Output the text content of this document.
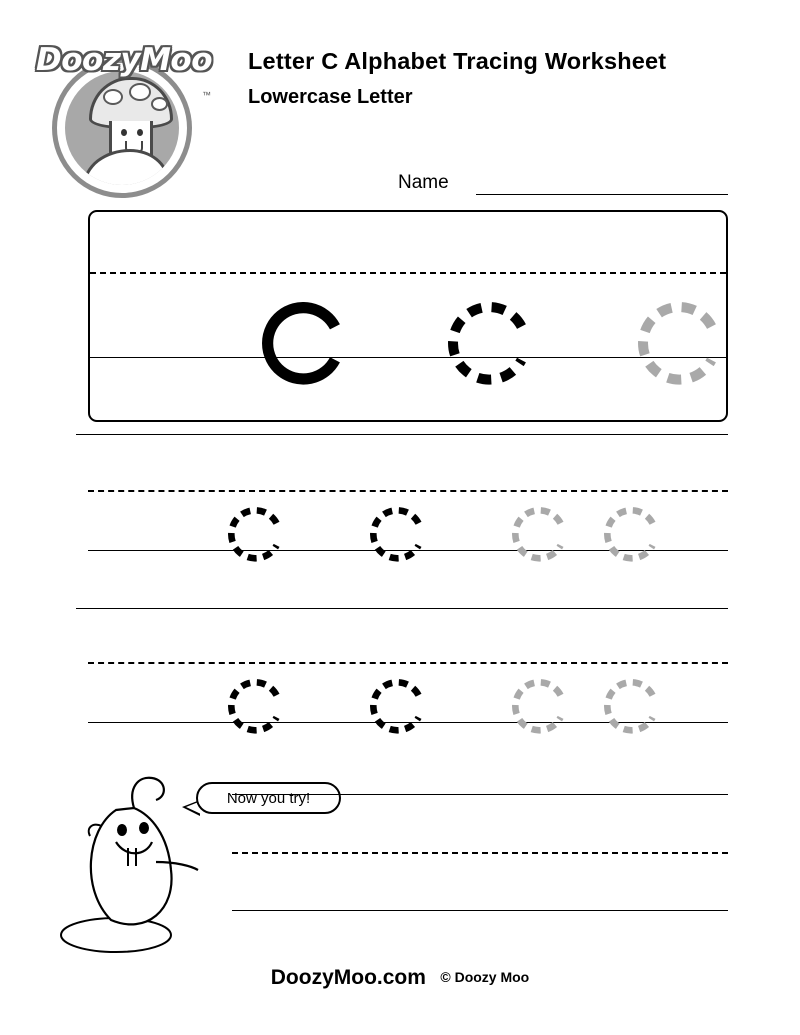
DoozyMoo
™
Letter C Alphabet Tracing Worksheet
Lowercase Letter
Name
Now you try!
DoozyMoo.com © Doozy Moo
